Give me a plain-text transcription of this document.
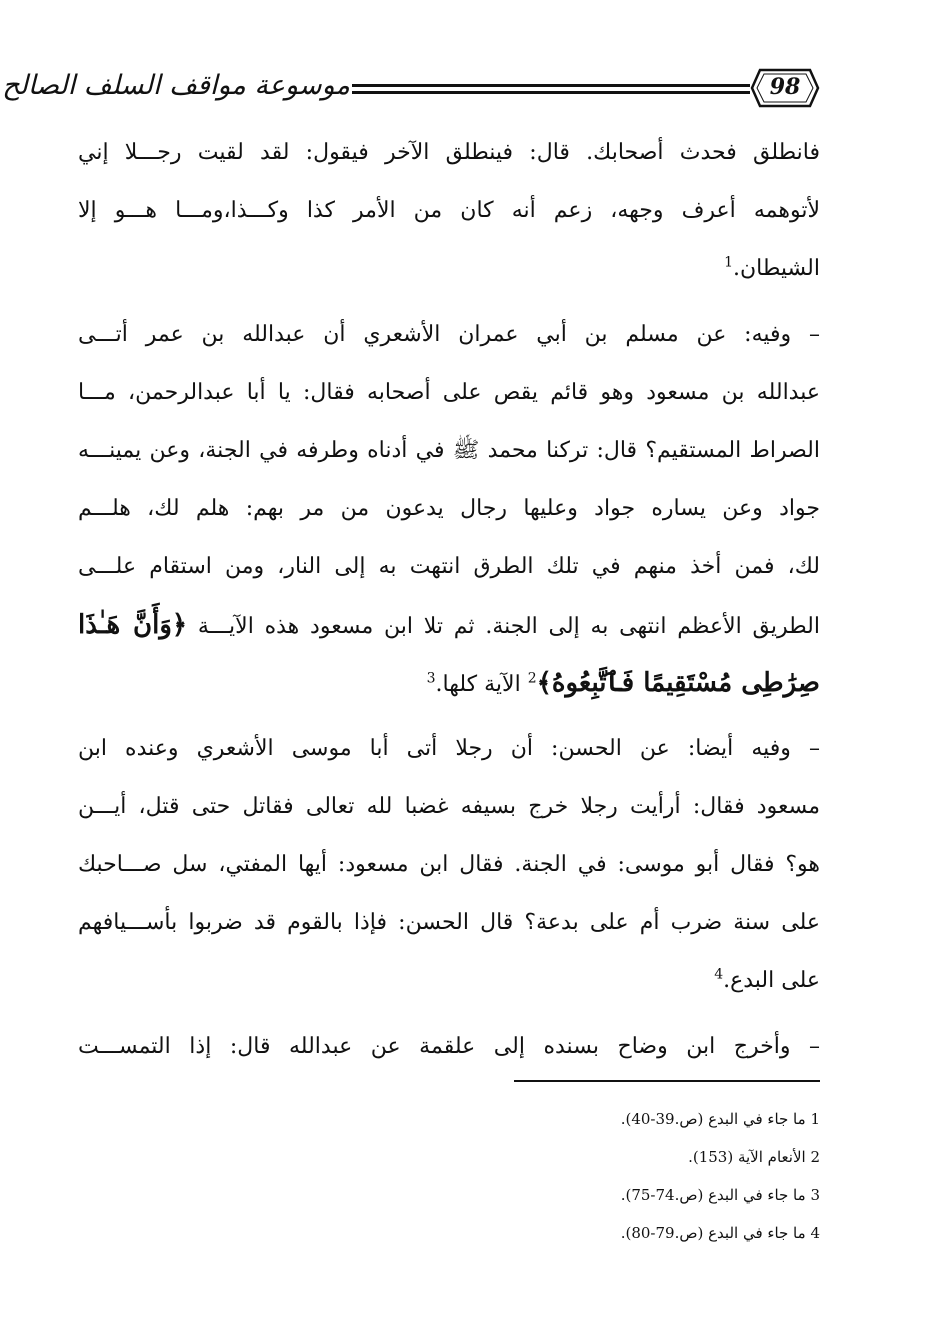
موسوعة مواقف السلف الصالح	98
فانطلق فحدث أصحابك. قال: فينطلق الآخر فيقول: لقد لقيت رجـــلا إني
لأتوهمه أعرف وجهه، زعم أنه كان من الأمر كذا وكـــذا،ومـــا هـــو إلا
الشيطان.$^1$
– وفيه: عن مسلم بن أبي عمران الأشعري أن عبدالله بن عمر أتـــى
عبدالله بن مسعود وهو قائم يقص على أصحابه فقال: يا أبا عبدالرحمن، مـــا
الصراط المستقيم؟ قال: تركنا محمد ﷺ في أدناه وطرفه في الجنة، وعن يمينـــه
جواد وعن يساره جواد وعليها رجال يدعون من مر بهم: هلم لك، هلـــم
لك، فمن أخذ منهم في تلك الطرق انتهت به إلى النار، ومن استقام علـــى
الطريق الأعظم انتهى به إلى الجنة. ثم تلا ابن مسعود هذه الآيـــة ﴿وَأَنَّ هَـٰذَا
صِرَٰطِى مُسْتَقِيمًا فَٱتَّبِعُوهُ﴾$^2$ الآية كلها.$^3$
– وفيه أيضا: عن الحسن: أن رجلا أتى أبا موسى الأشعري وعنده ابن
مسعود فقال: أرأيت رجلا خرج بسيفه غضبا لله تعالى فقاتل حتى قتل، أيـــن
هو؟ فقال أبو موسى: في الجنة. فقال ابن مسعود: أيها المفتي، سل صـــاحبك
على سنة ضرب أم على بدعة؟ قال الحسن: فإذا بالقوم قد ضربوا بأســـيافهم
على البدع.$^4$
– وأخرج ابن وضاح بسنده إلى علقمة عن عبدالله قال: إذا التمســـت
1 ما جاء في البدع (ص.39-40).
2 الأنعام الآية (153).
3 ما جاء في البدع (ص.74-75).
4 ما جاء في البدع (ص.79-80).
